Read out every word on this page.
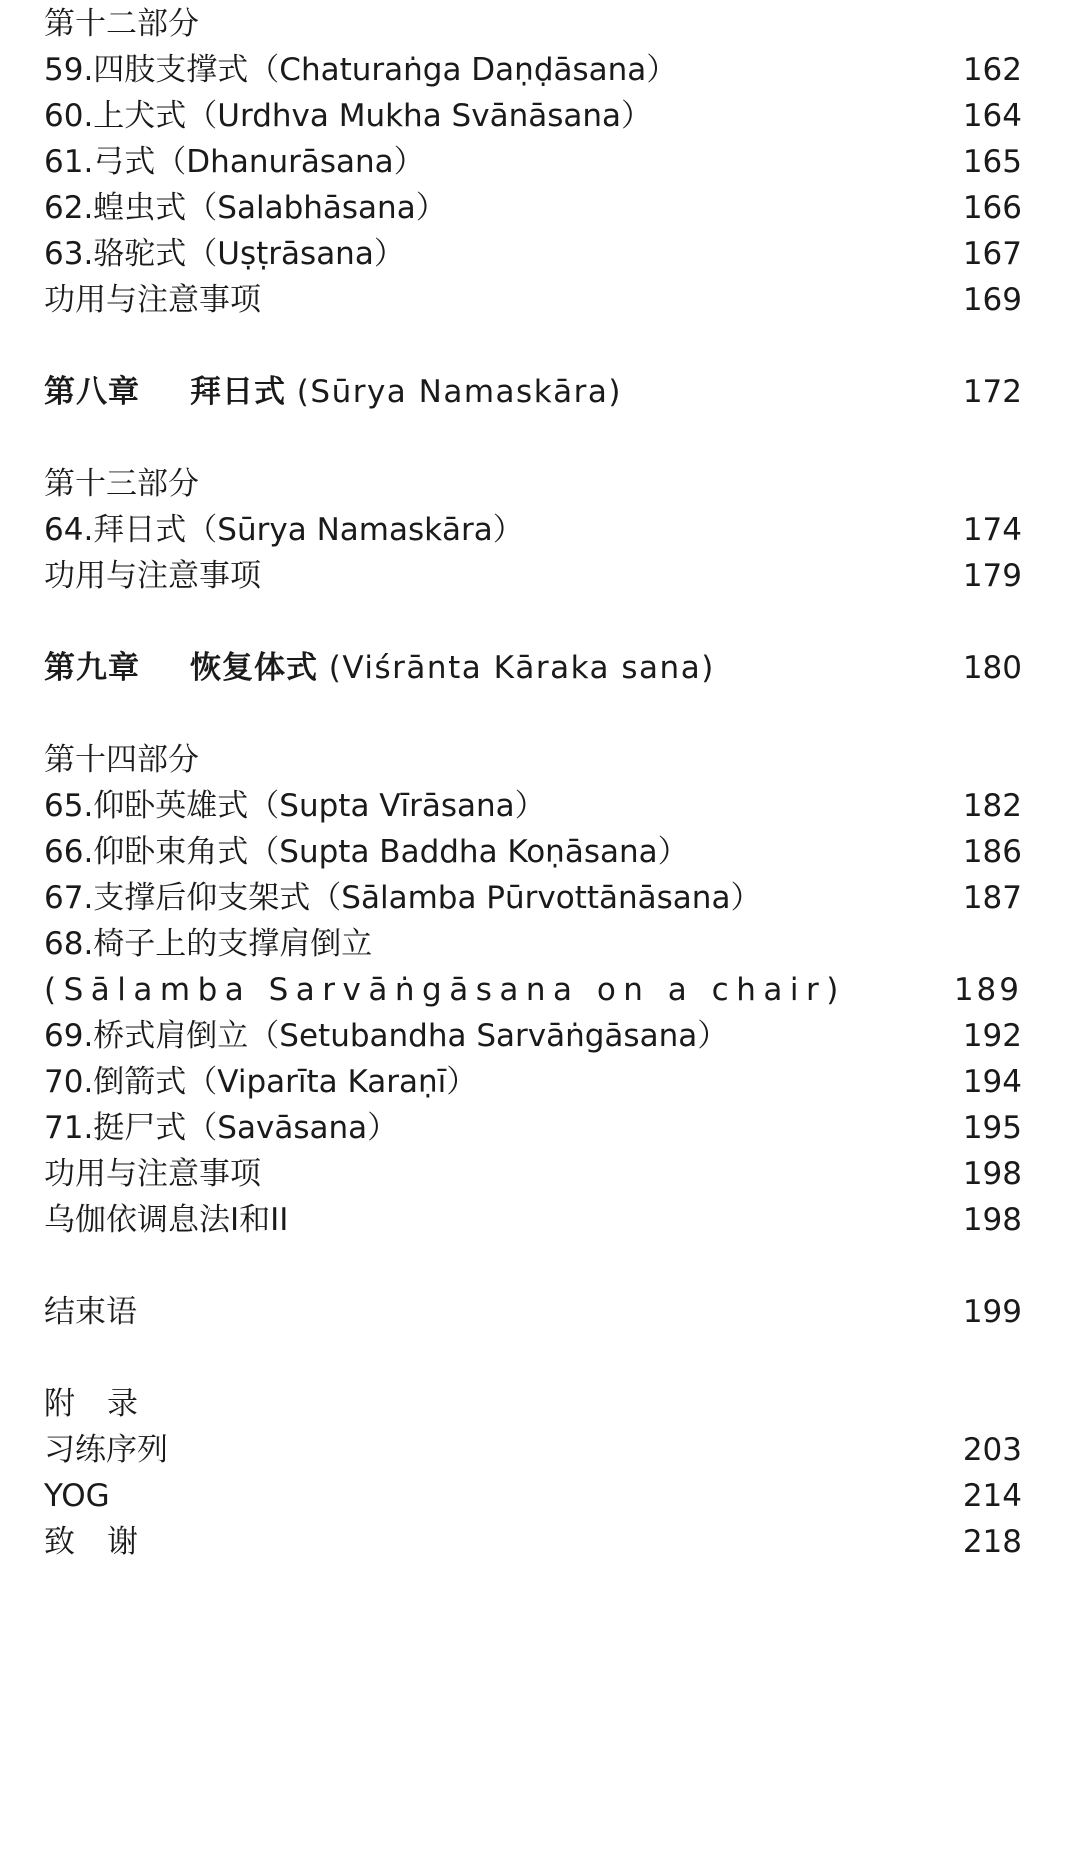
第十二部分
59.四肢支撑式（Chaturaṅga Daṇḍāsana）	162
60.上犬式（Urdhva Mukha Svānāsana）	164
61.弓式（Dhanurāsana）	165
62.蝗虫式（Salabhāsana）	166
63.骆驼式（Uṣṭrāsana）	167
功用与注意事项	169
第八章 拜日式 (Sūrya Namaskāra)	172
第十三部分
64.拜日式（Sūrya Namaskāra）	174
功用与注意事项	179
第九章 恢复体式 (Viśrānta Kāraka sana)	180
第十四部分
65.仰卧英雄式（Supta Vīrāsana）	182
66.仰卧束角式（Supta Baddha Koṇāsana）	186
67.支撑后仰支架式（Sālamba Pūrvottānāsana）	187
68.椅子上的支撑肩倒立
(Sālamba Sarvāṅgāsana on a chair)	189
69.桥式肩倒立（Setubandha Sarvāṅgāsana）	192
70.倒箭式（Viparīta Karaṇī）	194
71.挺尸式（Savāsana）	195
功用与注意事项	198
乌伽依调息法I和II	198
结束语	199
附录
习练序列	203
YOG	214
致谢	218
